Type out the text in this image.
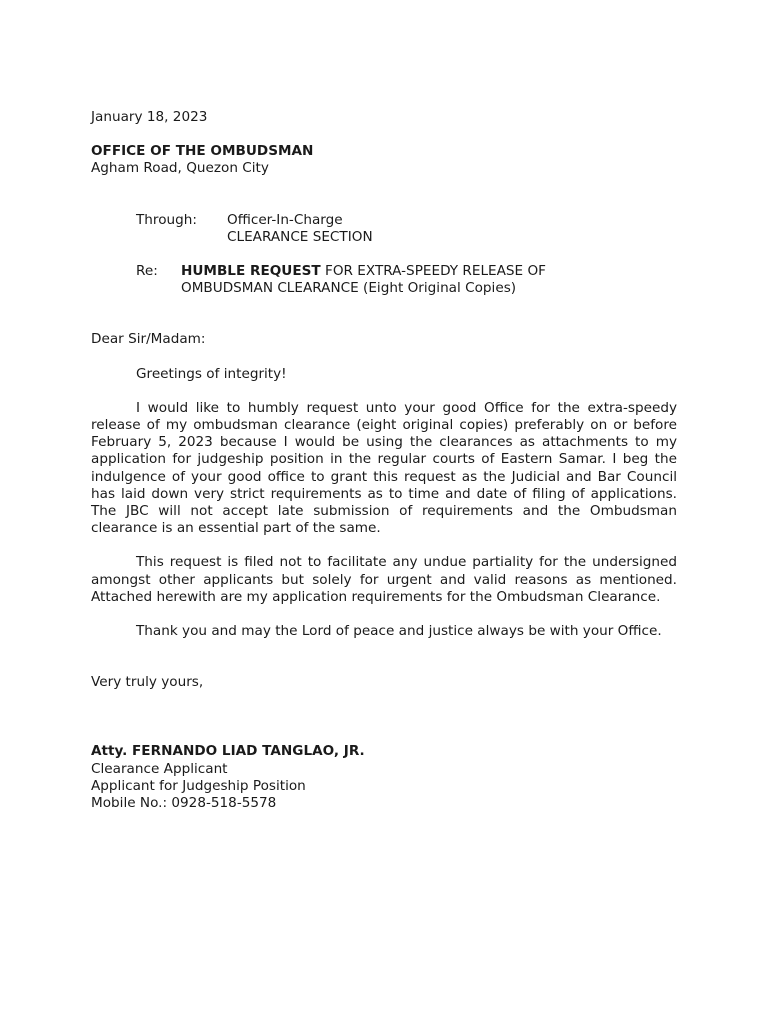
January 18, 2023
OFFICE OF THE OMBUDSMAN
Agham Road, Quezon City
Through:	Officer-In-Charge
CLEARANCE SECTION
Re:	HUMBLE REQUEST FOR EXTRA-SPEEDY RELEASE OF
OMBUDSMAN CLEARANCE (Eight Original Copies)
Dear Sir/Madam:
Greetings of integrity!

I would like to humbly request unto your good Office for the extra-speedy release of my ombudsman clearance (eight original copies) preferably on or before February 5, 2023 because I would be using the clearances as attachments to my application for judgeship position in the regular courts of Eastern Samar. I beg the indulgence of your good office to grant this request as the Judicial and Bar Council has laid down very strict requirements as to time and date of filing of applications. The JBC will not accept late submission of requirements and the Ombudsman clearance is an essential part of the same.

This request is filed not to facilitate any undue partiality for the undersigned amongst other applicants but solely for urgent and valid reasons as mentioned. Attached herewith are my application requirements for the Ombudsman Clearance.

Thank you and may the Lord of peace and justice always be with your Office.

Very truly yours,
Atty. FERNANDO LIAD TANGLAO, JR.
Clearance Applicant
Applicant for Judgeship Position
Mobile No.: 0928-518-5578
